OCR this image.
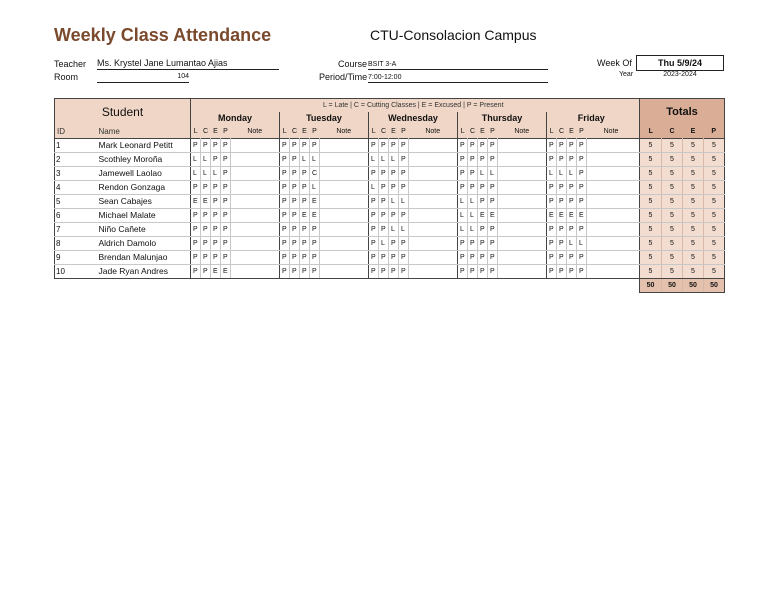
Weekly Class Attendance	CTU-Consolacion Campus
Teacher Ms. Krystel Jane Lumantao Ajias
Room	104
Course BSIT 3-A
Period/Time 7:00-12:00
Week Of	Thu 5/9/24
Year	2023-2024
Student		L = Late | C = Cutting Classes | E = Excused | P = Present																										Totals			
		Monday					Tuesday					Wednesday					Thursday					Friday									
ID	Name	L	C	E	P	Note	L	C	E	P	Note	L	C	E	P	Note	L	C	E	P	Note	L	C	E	P	Note		L	C	E	P
1	Mark Leonard Petitt	P	P	P	P		P	P	P	P		P	P	P	P		P	P	P	P		P	P	P	P			5	5	5	5
2	Scothley Moroña	L	L	P	P		P	P	L	L		L	L	L	P		P	P	P	P		P	P	P	P			5	5	5	5
3	Jamewell Laolao	L	L	L	P		P	P	P	C		P	P	P	P		P	P	L	L		L	L	L	P			5	5	5	5
4	Rendon Gonzaga	P	P	P	P		P	P	P	L		L	P	P	P		P	P	P	P		P	P	P	P			5	5	5	5
5	Sean Cabajes	E	E	P	P		P	P	P	E		P	P	L	L		L	L	P	P		P	P	P	P			5	5	5	5
6	Michael Malate	P	P	P	P		P	P	E	E		P	P	P	P		L	L	E	E		E	E	E	E			5	5	5	5
7	Niño Cañete	P	P	P	P		P	P	P	P		P	P	L	L		L	L	P	P		P	P	P	P			5	5	5	5
8	Aldrich Damolo	P	P	P	P		P	P	P	P		P	L	P	P		P	P	P	P		P	P	L	L			5	5	5	5
9	Brendan Malunjao	P	P	P	P		P	P	P	P		P	P	P	P		P	P	P	P		P	P	P	P			5	5	5	5
10	Jade Ryan Andres	P	P	E	E		P	P	P	P		P	P	P	P		P	P	P	P		P	P	P	P			5	5	5	5
																												50	50	50	50
